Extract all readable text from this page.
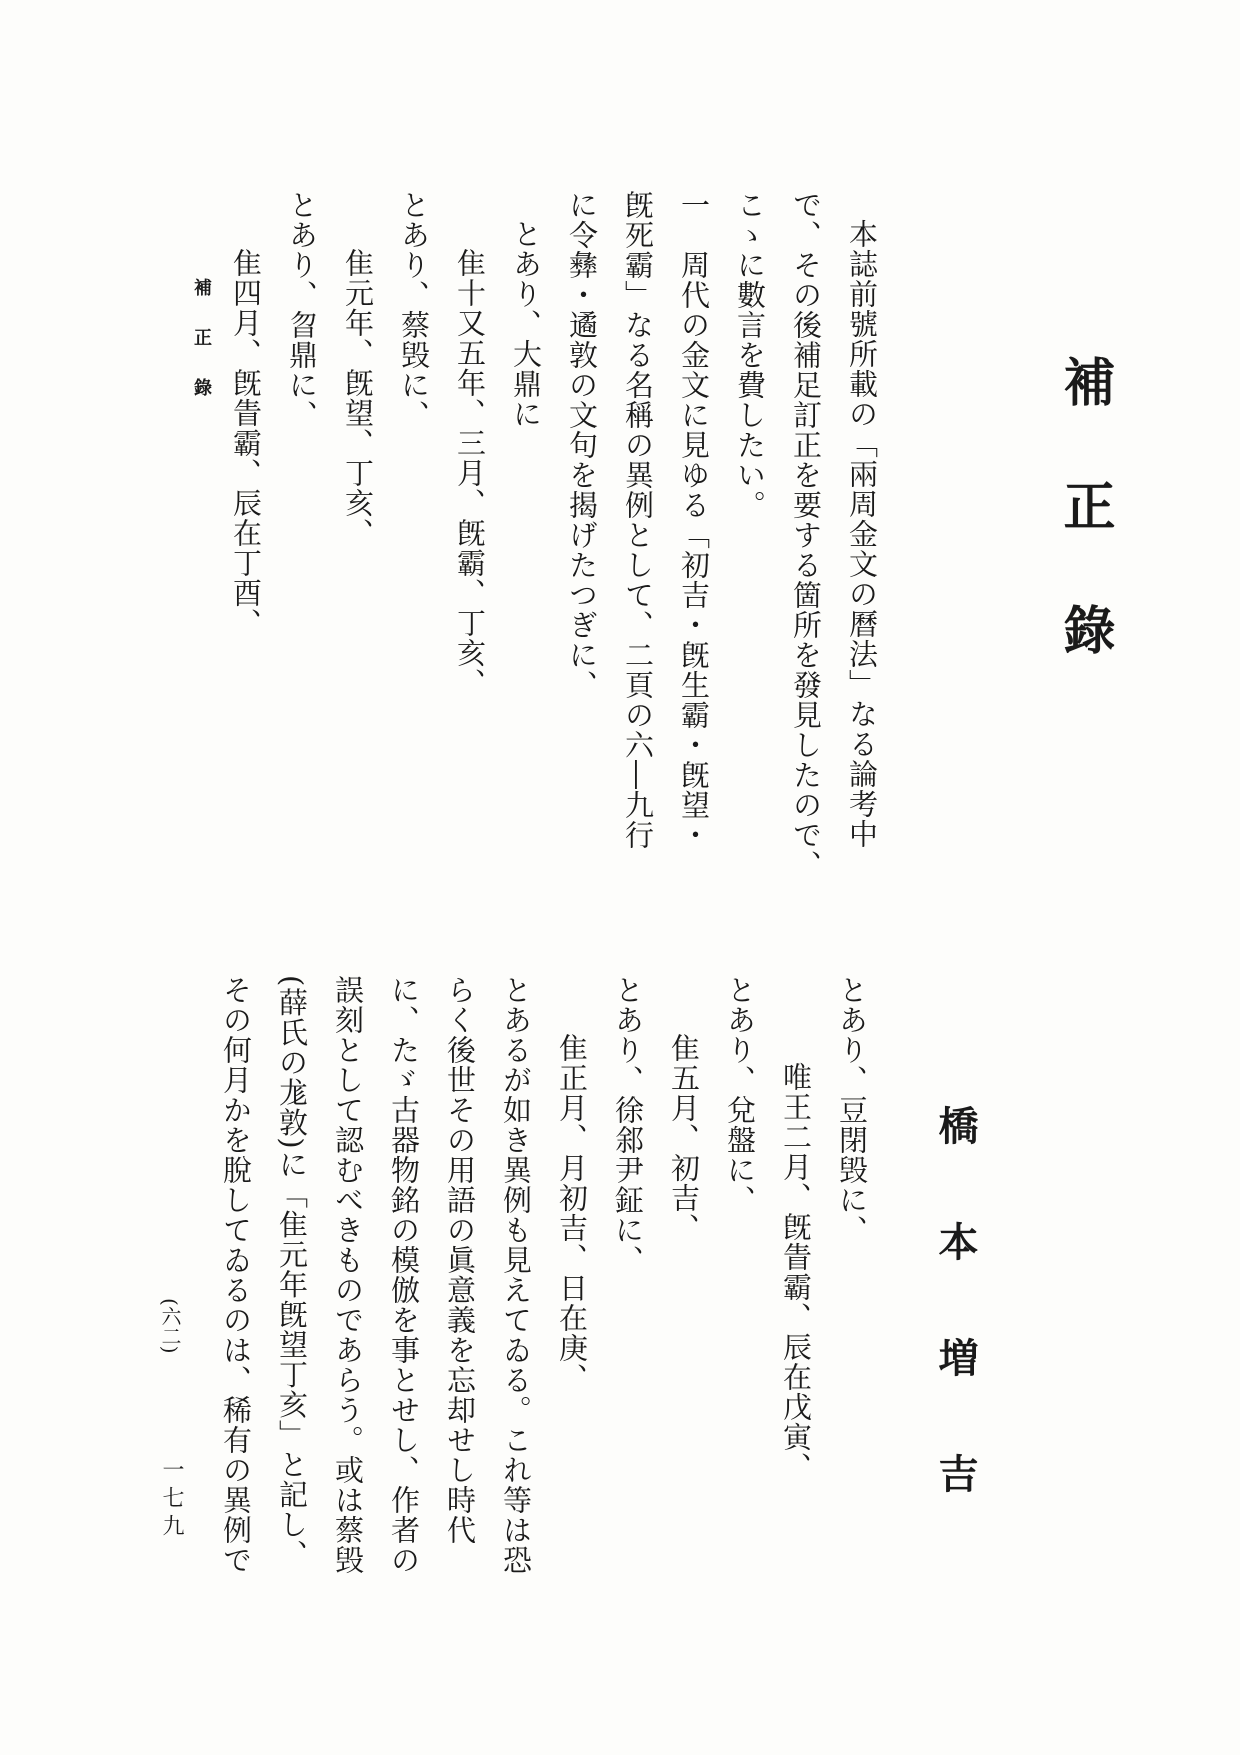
補正錄
橋本増吉
本誌前號所載の「兩周金文の曆法」なる論考中
で、その後補足訂正を要する箇所を發見したので、
こゝに數言を費したい。
一　周代の金文に見ゆる「初吉・旣生霸・旣望・
旣死霸」なる名稱の異例として、二頁の六―九行
に令彝・遹敦の文句を揭げたつぎに、
とあり、大鼎に
隹十又五年、三月、旣霸、丁亥、
とあり、蔡毁に、
隹元年、旣望、丁亥、
とあり、曶鼎に、
隹四月、旣眚霸、辰在丁酉、
とあり、豆閉毁に、
唯王二月、旣眚霸、辰在戊寅、
とあり、兌盤に、
隹五月、初吉、
とあり、徐䣄尹鉦に、
隹正月、月初吉、日在庚、
とあるが如き異例も見えてゐる。これ等は恐
らく後世その用語の眞意義を忘却せし時代
に、たゞ古器物銘の模倣を事とせし、作者の
誤刻として認むべきものであらう。或は蔡毁
(薛氏の尨敦)に「隹元年旣望丁亥」と記し、
その何月かを脫してゐるのは、稀有の異例で
補正錄
(六二)
一七九
